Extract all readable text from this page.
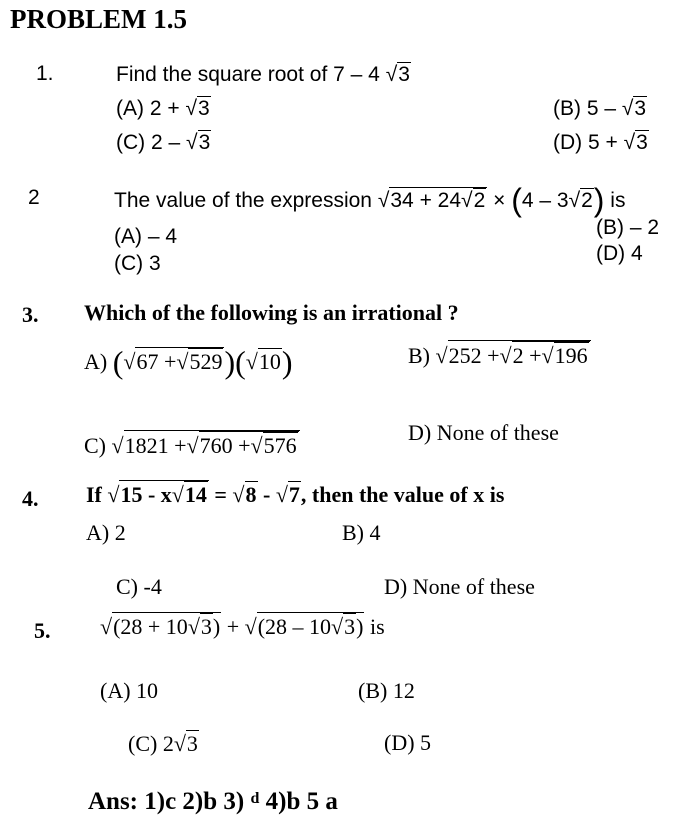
PROBLEM 1.5
1.	Find the square root of 7 – 4 √3
(A) 2 + √3	(B) 5 – √3
(C) 2 – √3	(D) 5 + √3
2	The value of the expression √34 + 24√2 × (4 – 3√2) is
(A) – 4	(B) – 2
(C) 3	(D) 4
3. Which of the following is an irrational ?
A) (√67 +√529)(√10)	B) √252 +√2 +√196
C) √1821 +√760 +√576
D) None of these
4. If √15 - x√14 = √8 - √7, then the value of x is
A) 2	B) 4
C) -4	D) None of these
5. √(28 + 10√3) + √(28 – 10√3) is
(A) 10	(B) 12
(C) 2√3	(D) 5
Ans: 1)c 2)b 3) $^d$ 4)b 5 a
